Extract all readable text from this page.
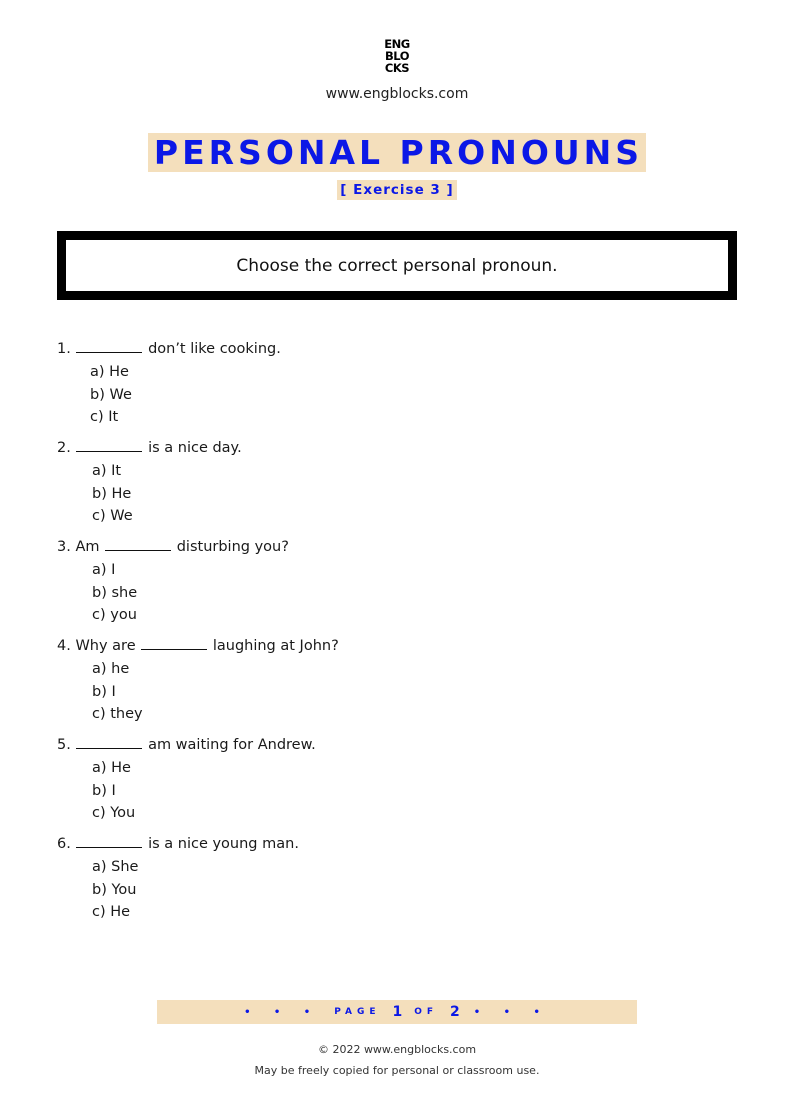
ENG
BLO
CKS
www.engblocks.com
PERSONAL PRONOUNS
[ Exercise 3 ]
Choose the correct personal pronoun.
1.	don’t like cooking.
a) He
b) We
c) It
2.	is a nice day.
a) It
b) He
c) We
3. Am	disturbing you?
a) I
b) she
c) you
4. Why are	laughing at John?
a) he
b) I
c) they
5.	am waiting for Andrew.
a) He
b) I
c) You
6.	is a nice young man.
a) She
b) You
c) He
• • • PAGE 1 OF 2 • • •
© 2022 www.engblocks.com
May be freely copied for personal or classroom use.
